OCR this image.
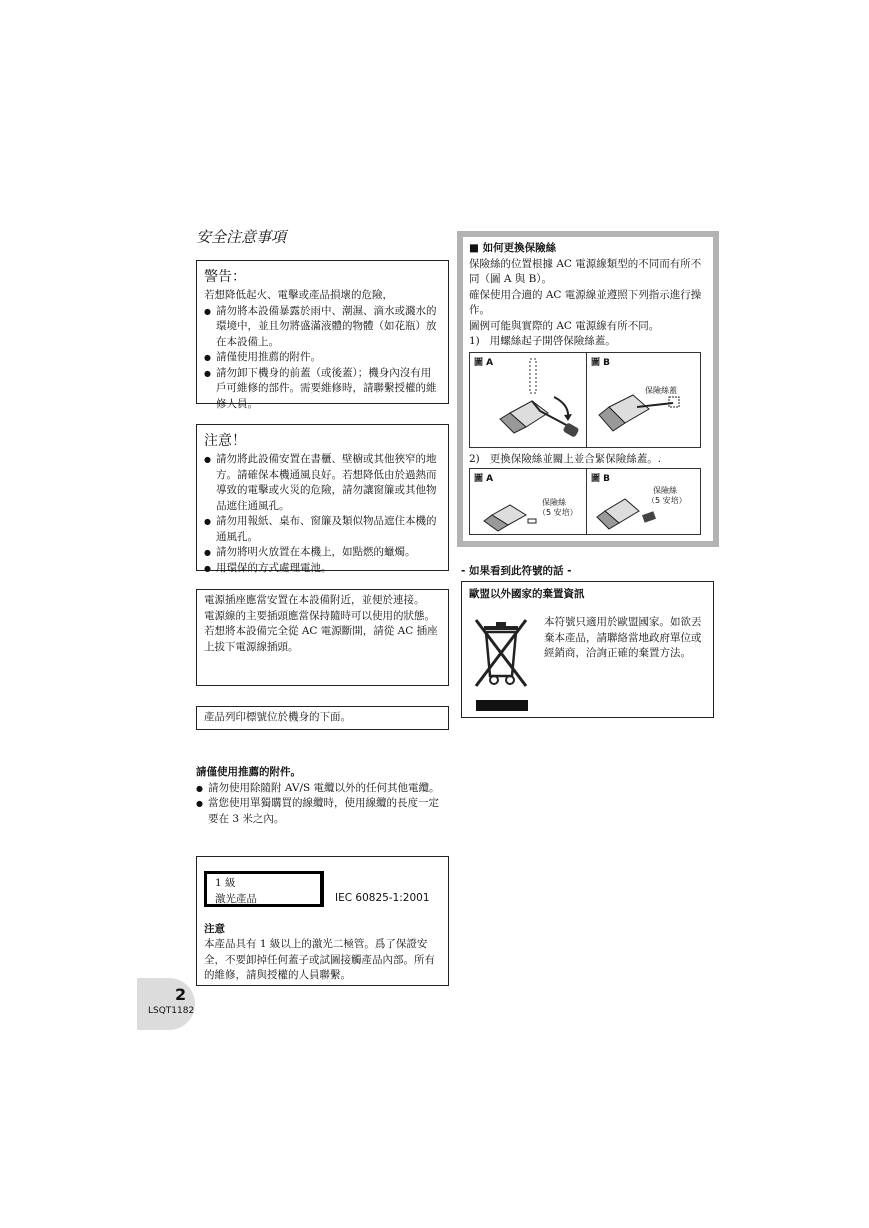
安全注意事項
警告：
若想降低起火、電擊或產品損壞的危險，
● 請勿將本設備暴露於雨中、潮濕、滴水或濺水的環境中，並且勿將盛滿液體的物體（如花瓶）放在本設備上。
● 請僅使用推薦的附件。
● 請勿卸下機身的前蓋（或後蓋）；機身內沒有用戶可維修的部件。需要維修時，請聯繫授權的維修人員。
注意！
● 請勿將此設備安置在書櫃、壁櫥或其他狹窄的地方。請確保本機通風良好。若想降低由於過熱而導致的電擊或火災的危險，請勿讓窗簾或其他物品遮住通風孔。
● 請勿用報紙、桌布、窗簾及類似物品遮住本機的通風孔。
● 請勿將明火放置在本機上，如點燃的蠟燭。
● 用環保的方式處理電池。
電源插座應當安置在本設備附近，並便於連接。
電源線的主要插頭應當保持隨時可以使用的狀態。
若想將本設備完全從 AC 電源斷開，請從 AC 插座上拔下電源線插頭。
產品列印標號位於機身的下面。
請僅使用推薦的附件。
● 請勿使用除隨附 AV/S 電纜以外的任何其他電纜。
● 當您使用單獨購買的線纜時，使用線纜的長度一定要在 3 米之內。
1 級
激光產品	IEC 60825-1:2001
注意
本產品具有 1 級以上的激光二極管。爲了保證安全，不要卸掉任何蓋子或試圖接觸產品內部。所有的維修，請與授權的人員聯繫。
2
LSQT1182
■ 如何更換保險絲
保險絲的位置根據 AC 電源線類型的不同而有所不同（圖 A 與 B）。
確保使用合適的 AC 電源線並遵照下列指示進行操作。
圖例可能與實際的 AC 電源線有所不同。
1)   用螺絲起子開啓保險絲蓋。
圖 A	圖 B
保險絲蓋
2)   更換保險絲並關上並合緊保險絲蓋。.
圖 A
保險絲
（5 安培）
圖 B
保險絲
（5 安培）
- 如果看到此符號的話 -
歐盟以外國家的棄置資訊
本符號只適用於歐盟國家。如欲丟棄本產品，請聯絡當地政府單位或經銷商，洽詢正確的棄置方法。
